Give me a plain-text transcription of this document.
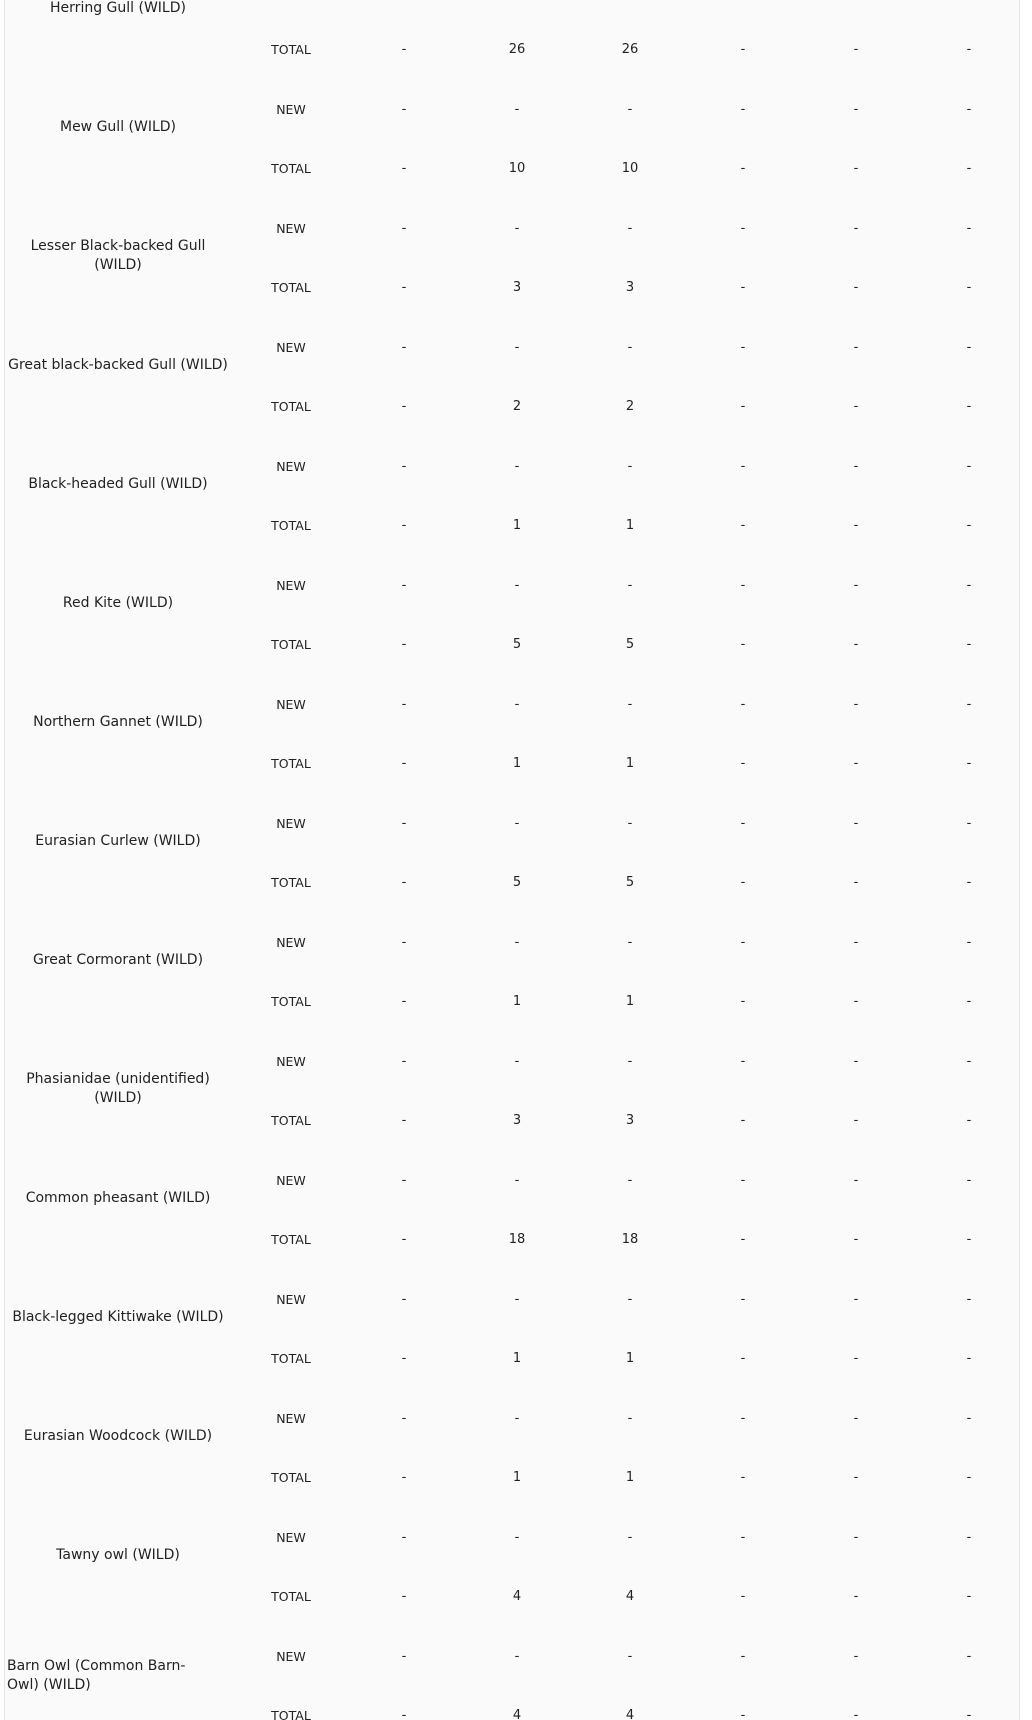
Herring Gull (WILD)
TOTAL	-	26	26	-	-	-
Mew Gull (WILD)
NEW	-	-	-	-	-	-
TOTAL	-	10	10	-	-	-
Lesser Black-backed Gull (WILD)
NEW	-	-	-	-	-	-
TOTAL	-	3	3	-	-	-
Great black-backed Gull (WILD)
NEW	-	-	-	-	-	-
TOTAL	-	2	2	-	-	-
Black-headed Gull (WILD)
NEW	-	-	-	-	-	-
TOTAL	-	1	1	-	-	-
Red Kite (WILD)
NEW	-	-	-	-	-	-
TOTAL	-	5	5	-	-	-
Northern Gannet (WILD)
NEW	-	-	-	-	-	-
TOTAL	-	1	1	-	-	-
Eurasian Curlew (WILD)
NEW	-	-	-	-	-	-
TOTAL	-	5	5	-	-	-
Great Cormorant (WILD)
NEW	-	-	-	-	-	-
TOTAL	-	1	1	-	-	-
Phasianidae (unidentified) (WILD)
NEW	-	-	-	-	-	-
TOTAL	-	3	3	-	-	-
Common pheasant (WILD)
NEW	-	-	-	-	-	-
TOTAL	-	18	18	-	-	-
Black-legged Kittiwake (WILD)
NEW	-	-	-	-	-	-
TOTAL	-	1	1	-	-	-
Eurasian Woodcock (WILD)
NEW	-	-	-	-	-	-
TOTAL	-	1	1	-	-	-
Tawny owl (WILD)
NEW	-	-	-	-	-	-
TOTAL	-	4	4	-	-	-
Barn Owl (Common Barn-Owl) (WILD)
NEW	-	-	-	-	-	-
TOTAL	-	4	4	-	-	-
